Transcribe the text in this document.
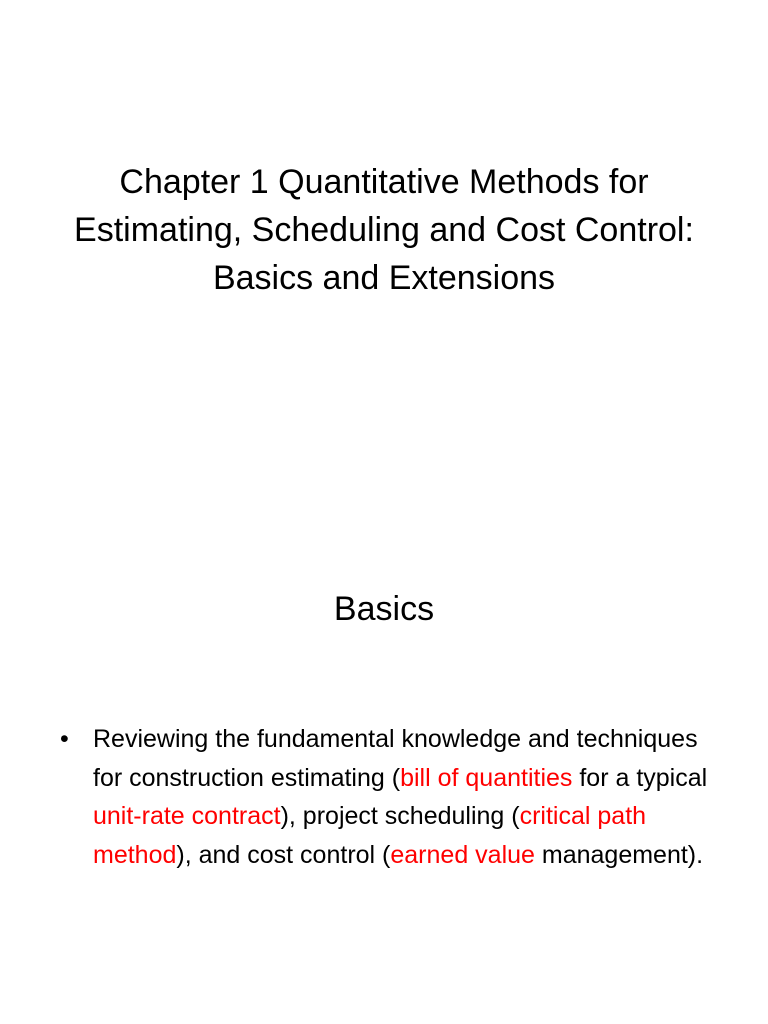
Chapter 1 Quantitative Methods for Estimating, Scheduling and Cost Control: Basics and Extensions
Basics
• Reviewing the fundamental knowledge and techniques for construction estimating (bill of quantities for a typical unit-rate contract), project scheduling (critical path method), and cost control (earned value management).
